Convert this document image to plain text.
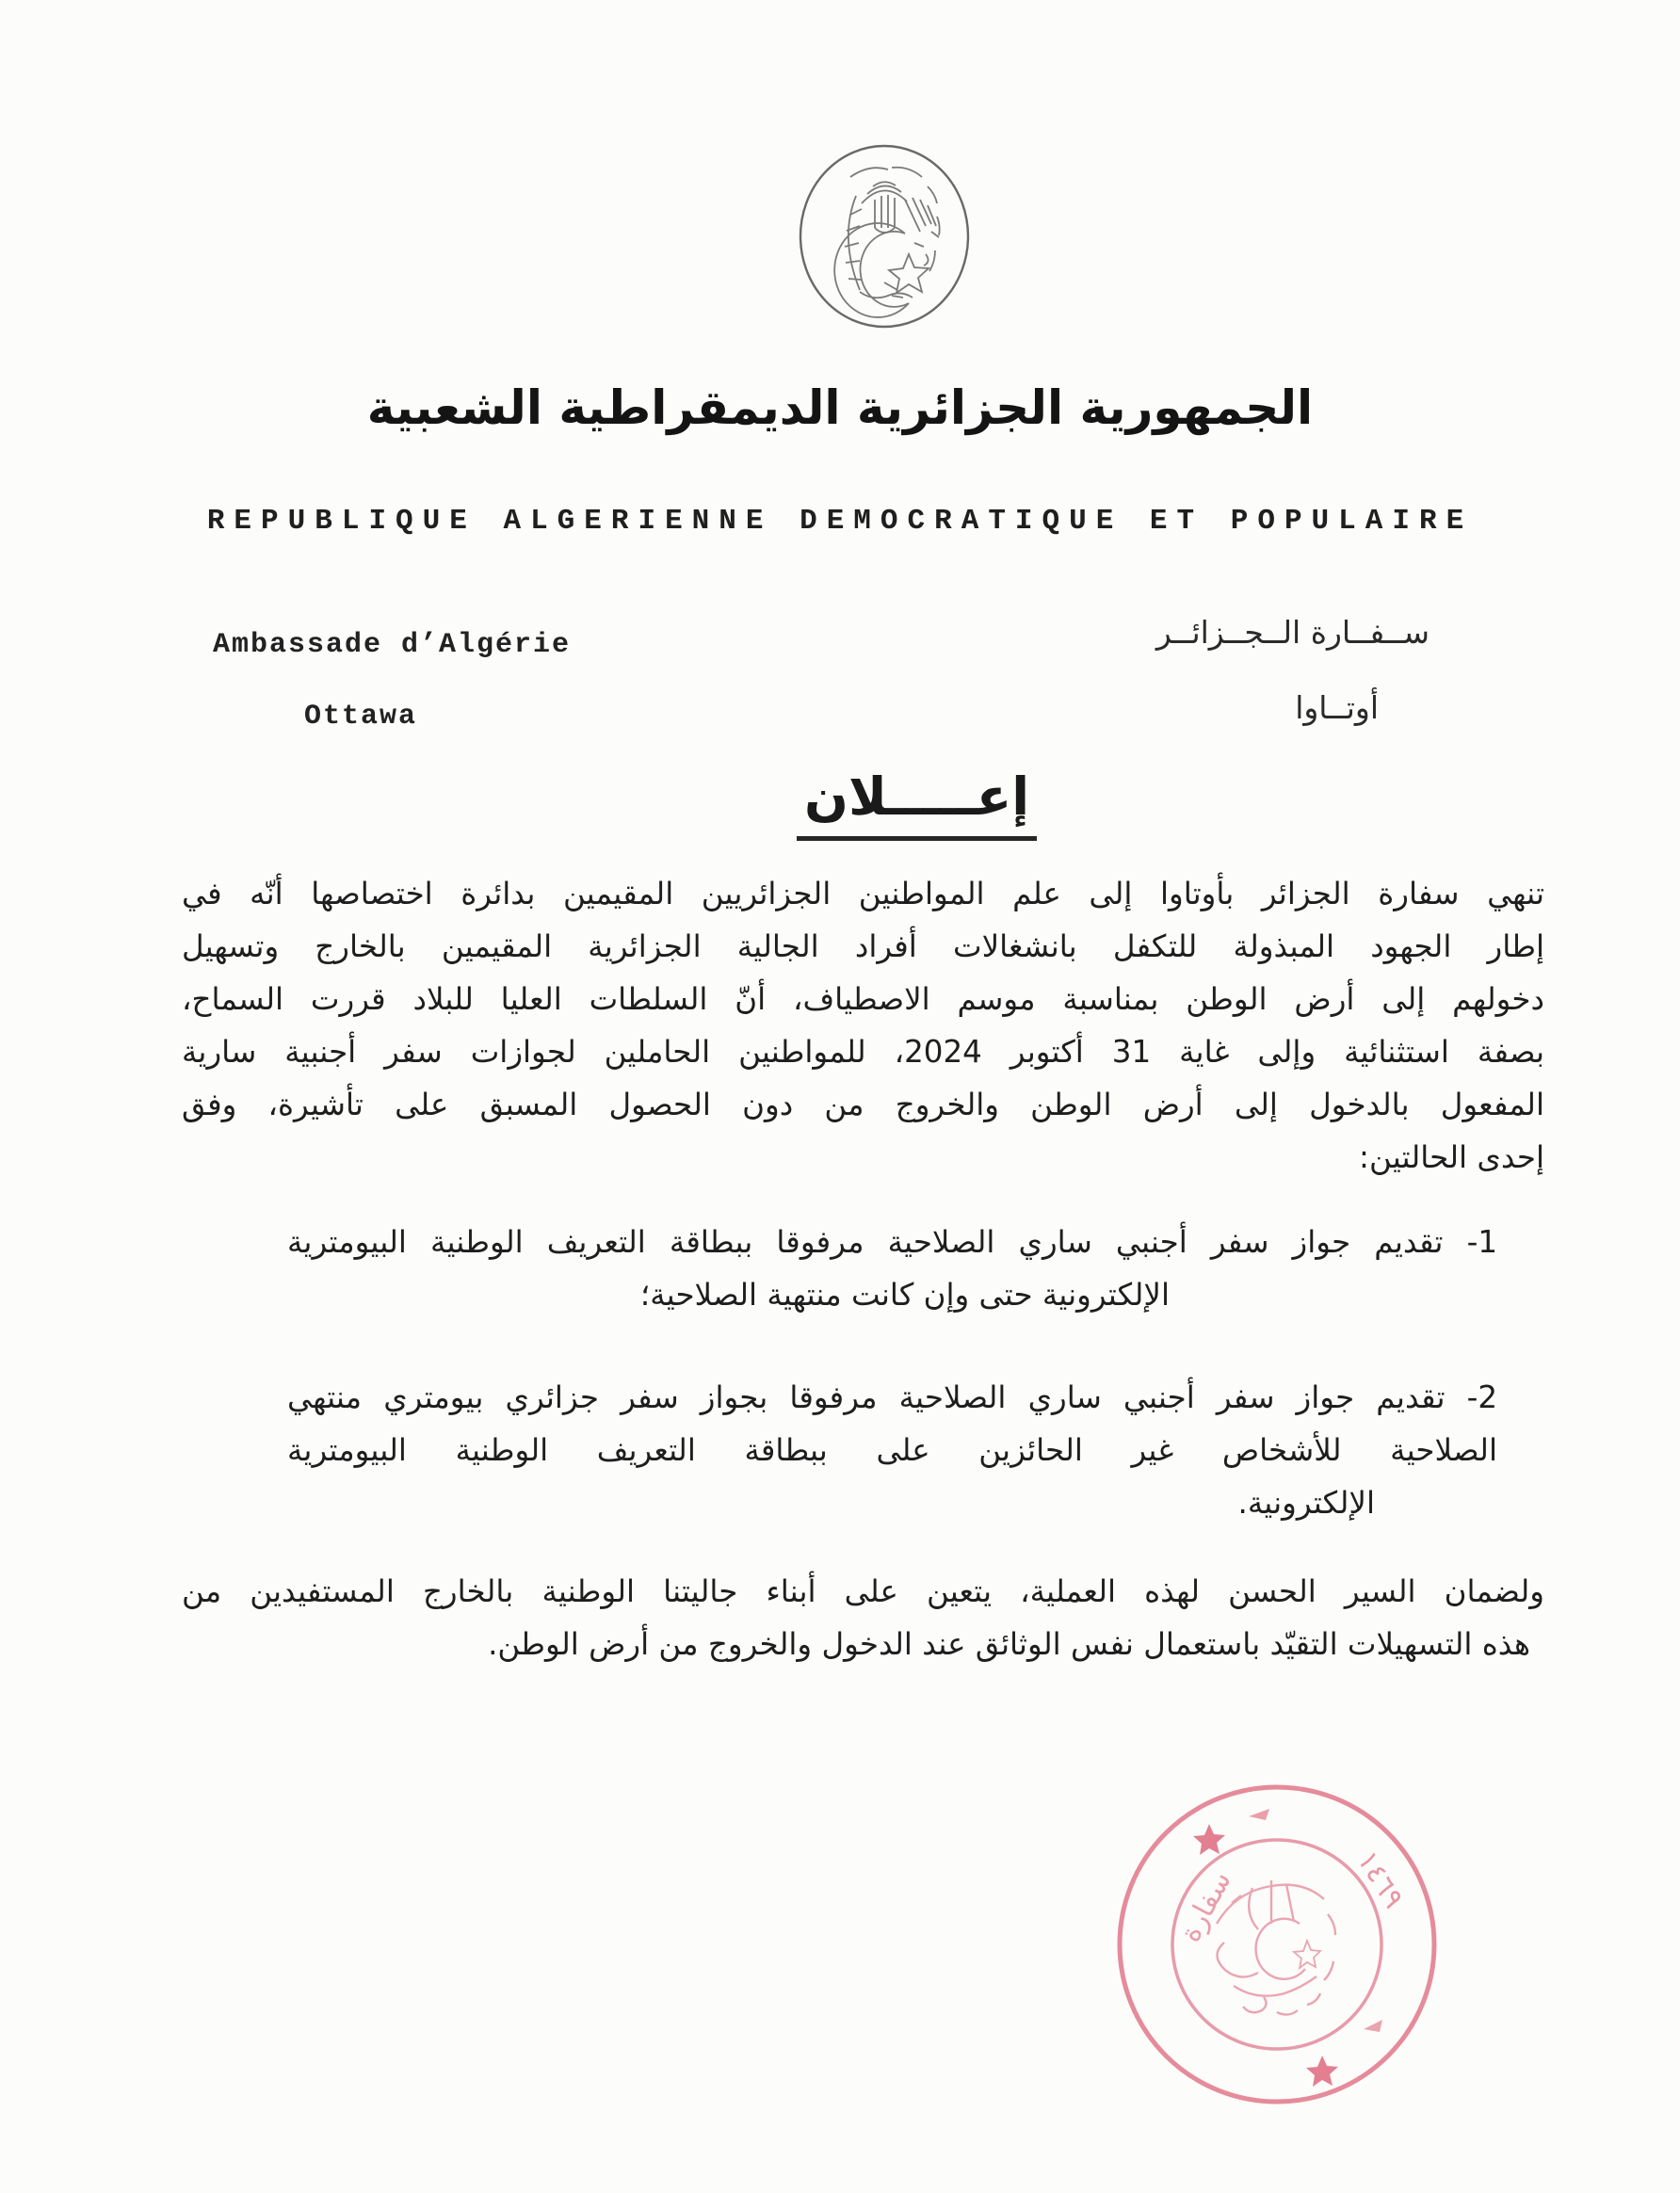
الجمهورية الجزائرية الديمقراطية الشعبية
REPUBLIQUE ALGERIENNE DEMOCRATIQUE ET POPULAIRE
Ambassade d’Algérie
Ottawa
ســفــارة الــجــزائــر
أوتــاوا
إعـــــلان
تنهي سفارة الجزائر بأوتاوا إلى علم المواطنين الجزائريين المقيمين بدائرة اختصاصها أنّه في
إطار الجهود المبذولة للتكفل بانشغالات أفراد الجالية الجزائرية المقيمين بالخارج وتسهيل
دخولهم إلى أرض الوطن بمناسبة موسم الاصطياف، أنّ السلطات العليا للبلاد قررت السماح،
بصفة استثنائية وإلى غاية 31 أكتوبر 2024، للمواطنين الحاملين لجوازات سفر أجنبية سارية
المفعول بالدخول إلى أرض الوطن والخروج من دون الحصول المسبق على تأشيرة، وفق
إحدى الحالتين:
1- تقديم جواز سفر أجنبي ساري الصلاحية مرفوقا ببطاقة التعريف الوطنية البيومترية
الإلكترونية حتى وإن كانت منتهية الصلاحية؛
2- تقديم جواز سفر أجنبي ساري الصلاحية مرفوقا بجواز سفر جزائري بيومتري منتهي
الصلاحية للأشخاص غير الحائزين على ببطاقة التعريف الوطنية البيومترية
الإلكترونية.
ولضمان السير الحسن لهذه العملية، يتعين على أبناء جاليتنا الوطنية بالخارج المستفيدين من
هذه التسهيلات التقيّد باستعمال نفس الوثائق عند الدخول والخروج من أرض الوطن.
سفارة	١٤٦٩
